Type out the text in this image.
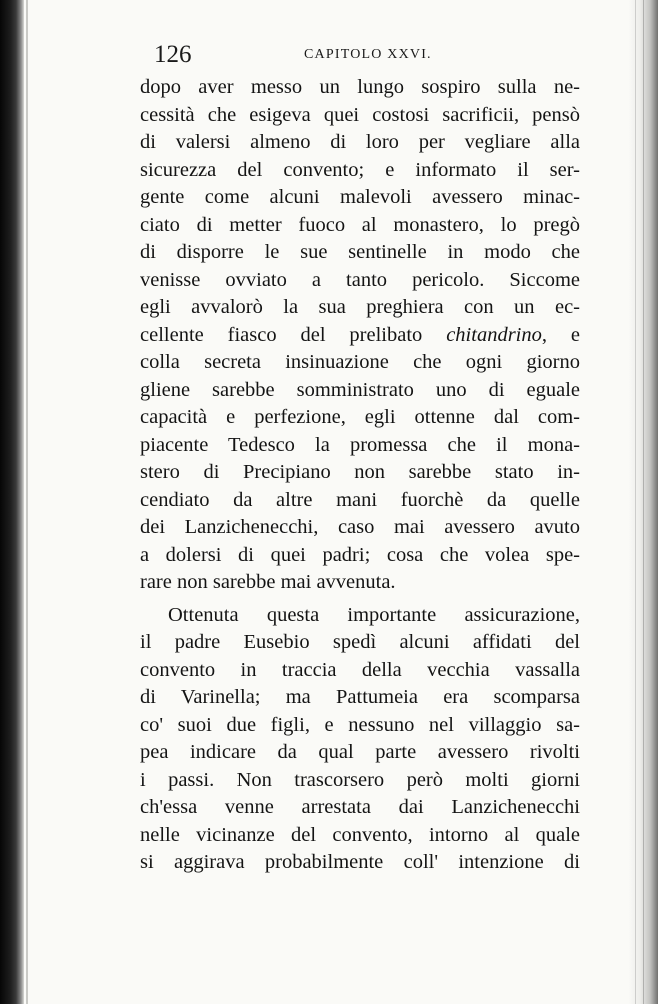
126	CAPITOLO XXVI.
dopo aver messo un lungo sospiro sulla ne-
cessità che esigeva quei costosi sacrificii, pensò
di valersi almeno di loro per vegliare alla
sicurezza del convento; e informato il ser-
gente come alcuni malevoli avessero minac-
ciato di metter fuoco al monastero, lo pregò
di disporre le sue sentinelle in modo che
venisse ovviato a tanto pericolo. Siccome
egli avvalorò la sua preghiera con un ec-
cellente fiasco del prelibato chitandrino, e
colla secreta insinuazione che ogni giorno
gliene sarebbe somministrato uno di eguale
capacità e perfezione, egli ottenne dal com-
piacente Tedesco la promessa che il mona-
stero di Precipiano non sarebbe stato in-
cendiato da altre mani fuorchè da quelle
dei Lanzichenecchi, caso mai avessero avuto
a dolersi di quei padri; cosa che volea spe-
rare non sarebbe mai avvenuta.
Ottenuta questa importante assicurazione,
il padre Eusebio spedì alcuni affidati del
convento in traccia della vecchia vassalla
di Varinella; ma Pattumeia era scomparsa
co' suoi due figli, e nessuno nel villaggio sa-
pea indicare da qual parte avessero rivolti
i passi. Non trascorsero però molti giorni
ch'essa venne arrestata dai Lanzichenecchi
nelle vicinanze del convento, intorno al quale
si aggirava probabilmente coll' intenzione di
